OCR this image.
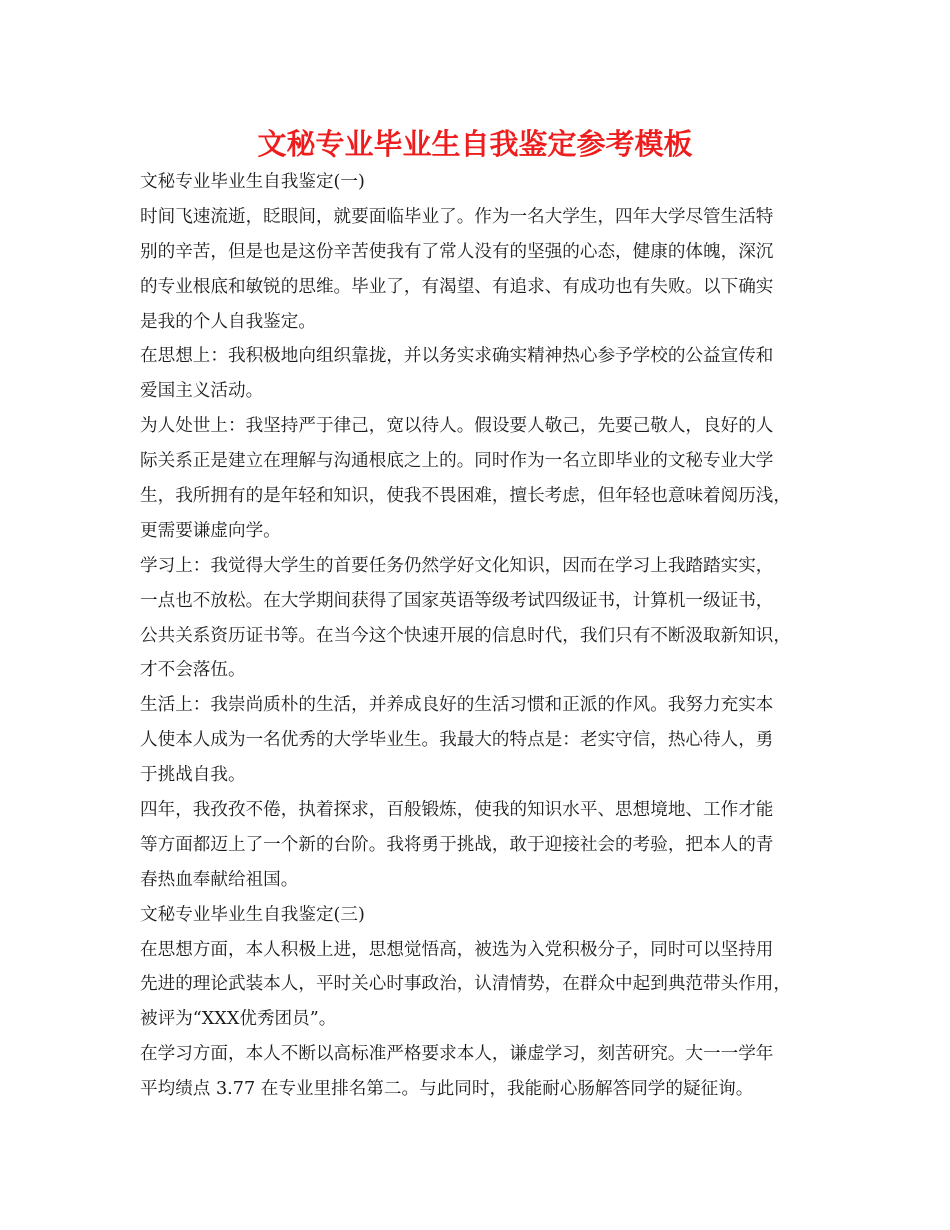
文秘专业毕业生自我鉴定参考模板
文秘专业毕业生自我鉴定(一)
时间飞速流逝，眨眼间，就要面临毕业了。作为一名大学生，四年大学尽管生活特
别的辛苦，但是也是这份辛苦使我有了常人没有的坚强的心态，健康的体魄，深沉
的专业根底和敏锐的思维。毕业了，有渴望、有追求、有成功也有失败。以下确实
是我的个人自我鉴定。
在思想上：我积极地向组织靠拢，并以务实求确实精神热心参予学校的公益宣传和
爱国主义活动。
为人处世上：我坚持严于律己，宽以待人。假设要人敬己，先要己敬人，良好的人
际关系正是建立在理解与沟通根底之上的。同时作为一名立即毕业的文秘专业大学
生，我所拥有的是年轻和知识，使我不畏困难，擅长考虑，但年轻也意味着阅历浅，
更需要谦虚向学。
学习上：我觉得大学生的首要任务仍然学好文化知识，因而在学习上我踏踏实实，
一点也不放松。在大学期间获得了国家英语等级考试四级证书，计算机一级证书，
公共关系资历证书等。在当今这个快速开展的信息时代，我们只有不断汲取新知识，
才不会落伍。
生活上：我崇尚质朴的生活，并养成良好的生活习惯和正派的作风。我努力充实本
人使本人成为一名优秀的大学毕业生。我最大的特点是：老实守信，热心待人，勇
于挑战自我。
四年，我孜孜不倦，执着探求，百般锻炼，使我的知识水平、思想境地、工作才能
等方面都迈上了一个新的台阶。我将勇于挑战，敢于迎接社会的考验，把本人的青
春热血奉献给祖国。
文秘专业毕业生自我鉴定(三)
在思想方面，本人积极上进，思想觉悟高，被选为入党积极分子，同时可以坚持用
先进的理论武装本人，平时关心时事政治，认清情势，在群众中起到典范带头作用，
被评为“XXX优秀团员”。
在学习方面，本人不断以高标准严格要求本人，谦虚学习，刻苦研究。大一一学年
平均绩点 3.77 在专业里排名第二。与此同时，我能耐心肠解答同学的疑征询。
